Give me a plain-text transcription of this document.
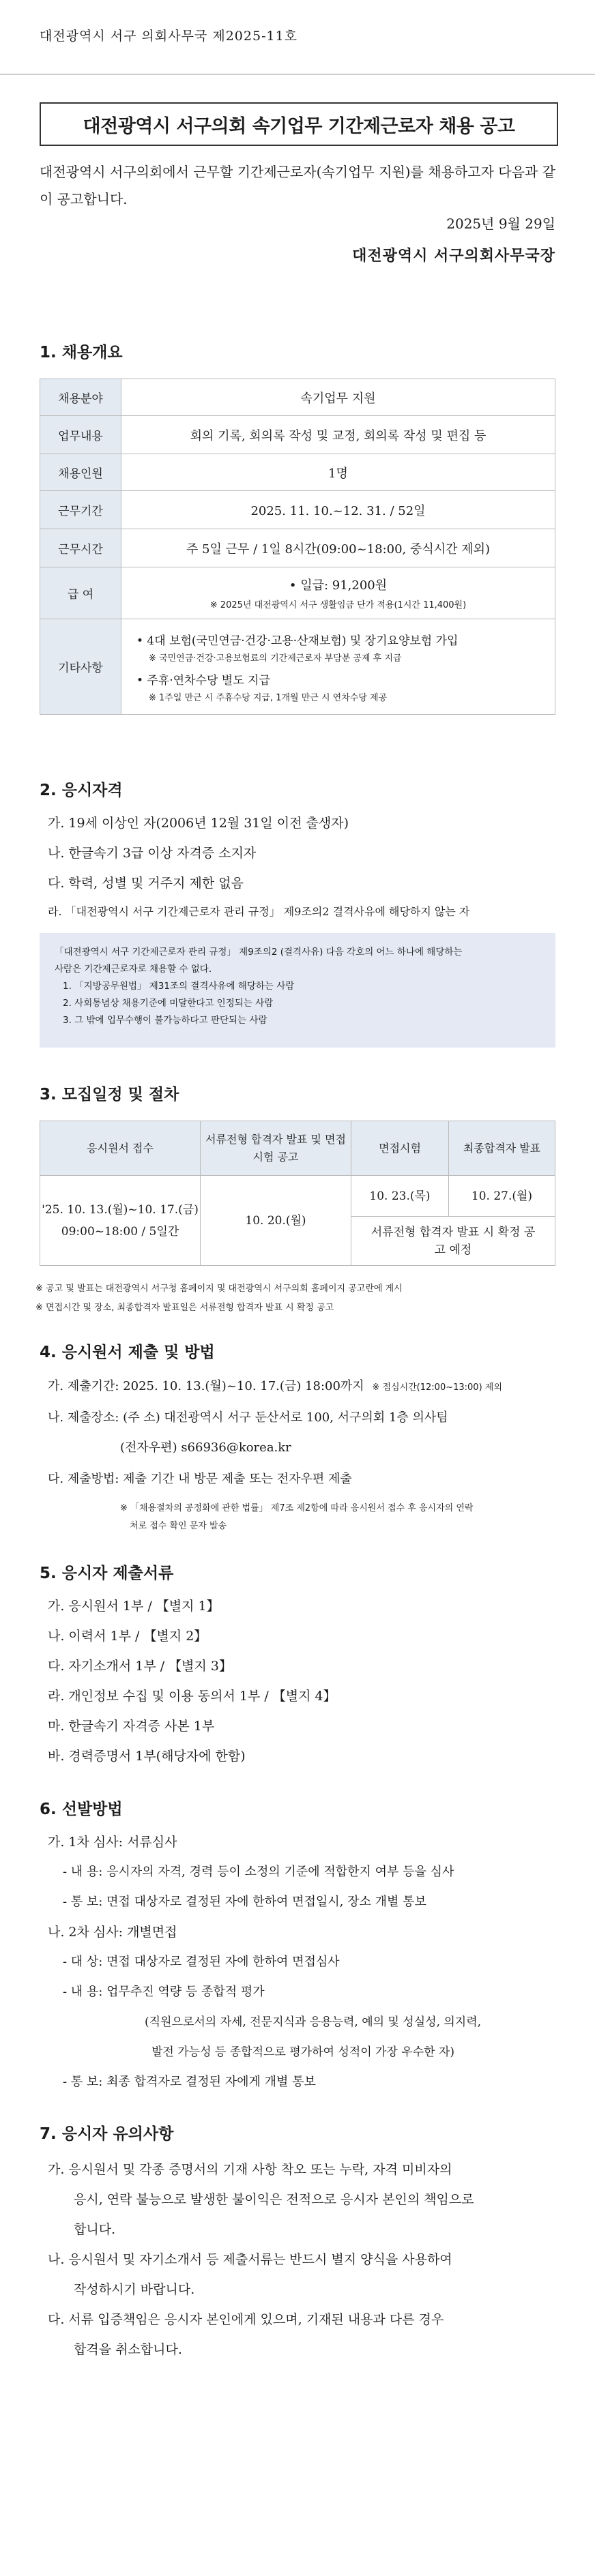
대전광역시 서구 의회사무국 제2025-11호
대전광역시 서구의회 속기업무 기간제근로자 채용 공고
대전광역시 서구의회에서 근무할 기간제근로자(속기업무 지원)를 채용하고자 다음과 같이 공고합니다.
2025년 9월 29일
대전광역시 서구의회사무국장
1. 채용개요
채용분야	속기업무 지원
업무내용	회의 기록, 회의록 작성 및 교정, 회의록 작성 및 편집 등
채용인원	1명
근무기간	2025. 11. 10.~12. 31. / 52일
근무시간	주 5일 근무 / 1일 8시간(09:00~18:00, 중식시간 제외)
급 여	• 일급: 91,200원
※ 2025년 대전광역시 서구 생활임금 단가 적용(1시간 11,400원)

기타사항	• 4대 보험(국민연금·건강·고용·산재보험) 및 장기요양보험 가입
※ 국민연금·건강·고용보험료의 기간제근로자 부담분 공제 후 지급
• 주휴·연차수당 별도 지급
※ 1주일 만근 시 주휴수당 지급, 1개월 만근 시 연차수당 제공
2. 응시자격
가. 19세 이상인 자(2006년 12월 31일 이전 출생자)
나. 한글속기 3급 이상 자격증 소지자
다. 학력, 성별 및 거주지 제한 없음
라. 「대전광역시 서구 기간제근로자 관리 규정」 제9조의2 결격사유에 해당하지 않는 자
「대전광역시 서구 기간제근로자 관리 규정」 제9조의2 (결격사유) 다음 각호의 어느 하나에 해당하는
사람은 기간제근로자로 채용할 수 없다.
1. 「지방공무원법」 제31조의 결격사유에 해당하는 사람
2. 사회통념상 채용기준에 미달한다고 인정되는 사람
3. 그 밖에 업무수행이 불가능하다고 판단되는 사람
3. 모집일정 및 절차
응시원서 접수	서류전형 합격자 발표 및 면접시험 공고	면접시험	최종합격자 발표

'25. 10. 13.(월)~10. 17.(금)
09:00~18:00 / 5일간	10. 20.(월)	10. 23.(목)	10. 27.(월)
		서류전형 합격자 발표 시 확정 공고 예정	
※ 공고 및 발표는 대전광역시 서구청 홈페이지 및 대전광역시 서구의회 홈페이지 공고란에 게시
※ 면접시간 및 장소, 최종합격자 발표일은 서류전형 합격자 발표 시 확정 공고
4. 응시원서 제출 및 방법
가. 제출기간: 2025. 10. 13.(월)~10. 17.(금) 18:00까지 ※ 점심시간(12:00~13:00) 제외
나. 제출장소: (주 소) 대전광역시 서구 둔산서로 100, 서구의회 1층 의사팀
(전자우편) s66936@korea.kr
다. 제출방법: 제출 기간 내 방문 제출 또는 전자우편 제출
※ 「채용절차의 공정화에 관한 법률」 제7조 제2항에 따라 응시원서 접수 후 응시자의 연락
처로 접수 확인 문자 발송
5. 응시자 제출서류
가. 응시원서 1부 / 【별지 1】
나. 이력서 1부 / 【별지 2】
다. 자기소개서 1부 / 【별지 3】
라. 개인정보 수집 및 이용 동의서 1부 / 【별지 4】
마. 한글속기 자격증 사본 1부
바. 경력증명서 1부(해당자에 한함)
6. 선발방법
가. 1차 심사: 서류심사
- 내 용: 응시자의 자격, 경력 등이 소정의 기준에 적합한지 여부 등을 심사
- 통 보: 면접 대상자로 결정된 자에 한하여 면접일시, 장소 개별 통보
나. 2차 심사: 개별면접
- 대 상: 면접 대상자로 결정된 자에 한하여 면접심사
- 내 용: 업무추진 역량 등 종합적 평가
(직원으로서의 자세, 전문지식과 응용능력, 예의 및 성실성, 의지력,
발전 가능성 등 종합적으로 평가하여 성적이 가장 우수한 자)
- 통 보: 최종 합격자로 결정된 자에게 개별 통보
7. 응시자 유의사항
가. 응시원서 및 각종 증명서의 기재 사항 착오 또는 누락, 자격 미비자의
응시, 연락 불능으로 발생한 불이익은 전적으로 응시자 본인의 책임으로
합니다.
나. 응시원서 및 자기소개서 등 제출서류는 반드시 별지 양식을 사용하여
작성하시기 바랍니다.
다. 서류 입증책임은 응시자 본인에게 있으며, 기재된 내용과 다른 경우
합격을 취소합니다.
